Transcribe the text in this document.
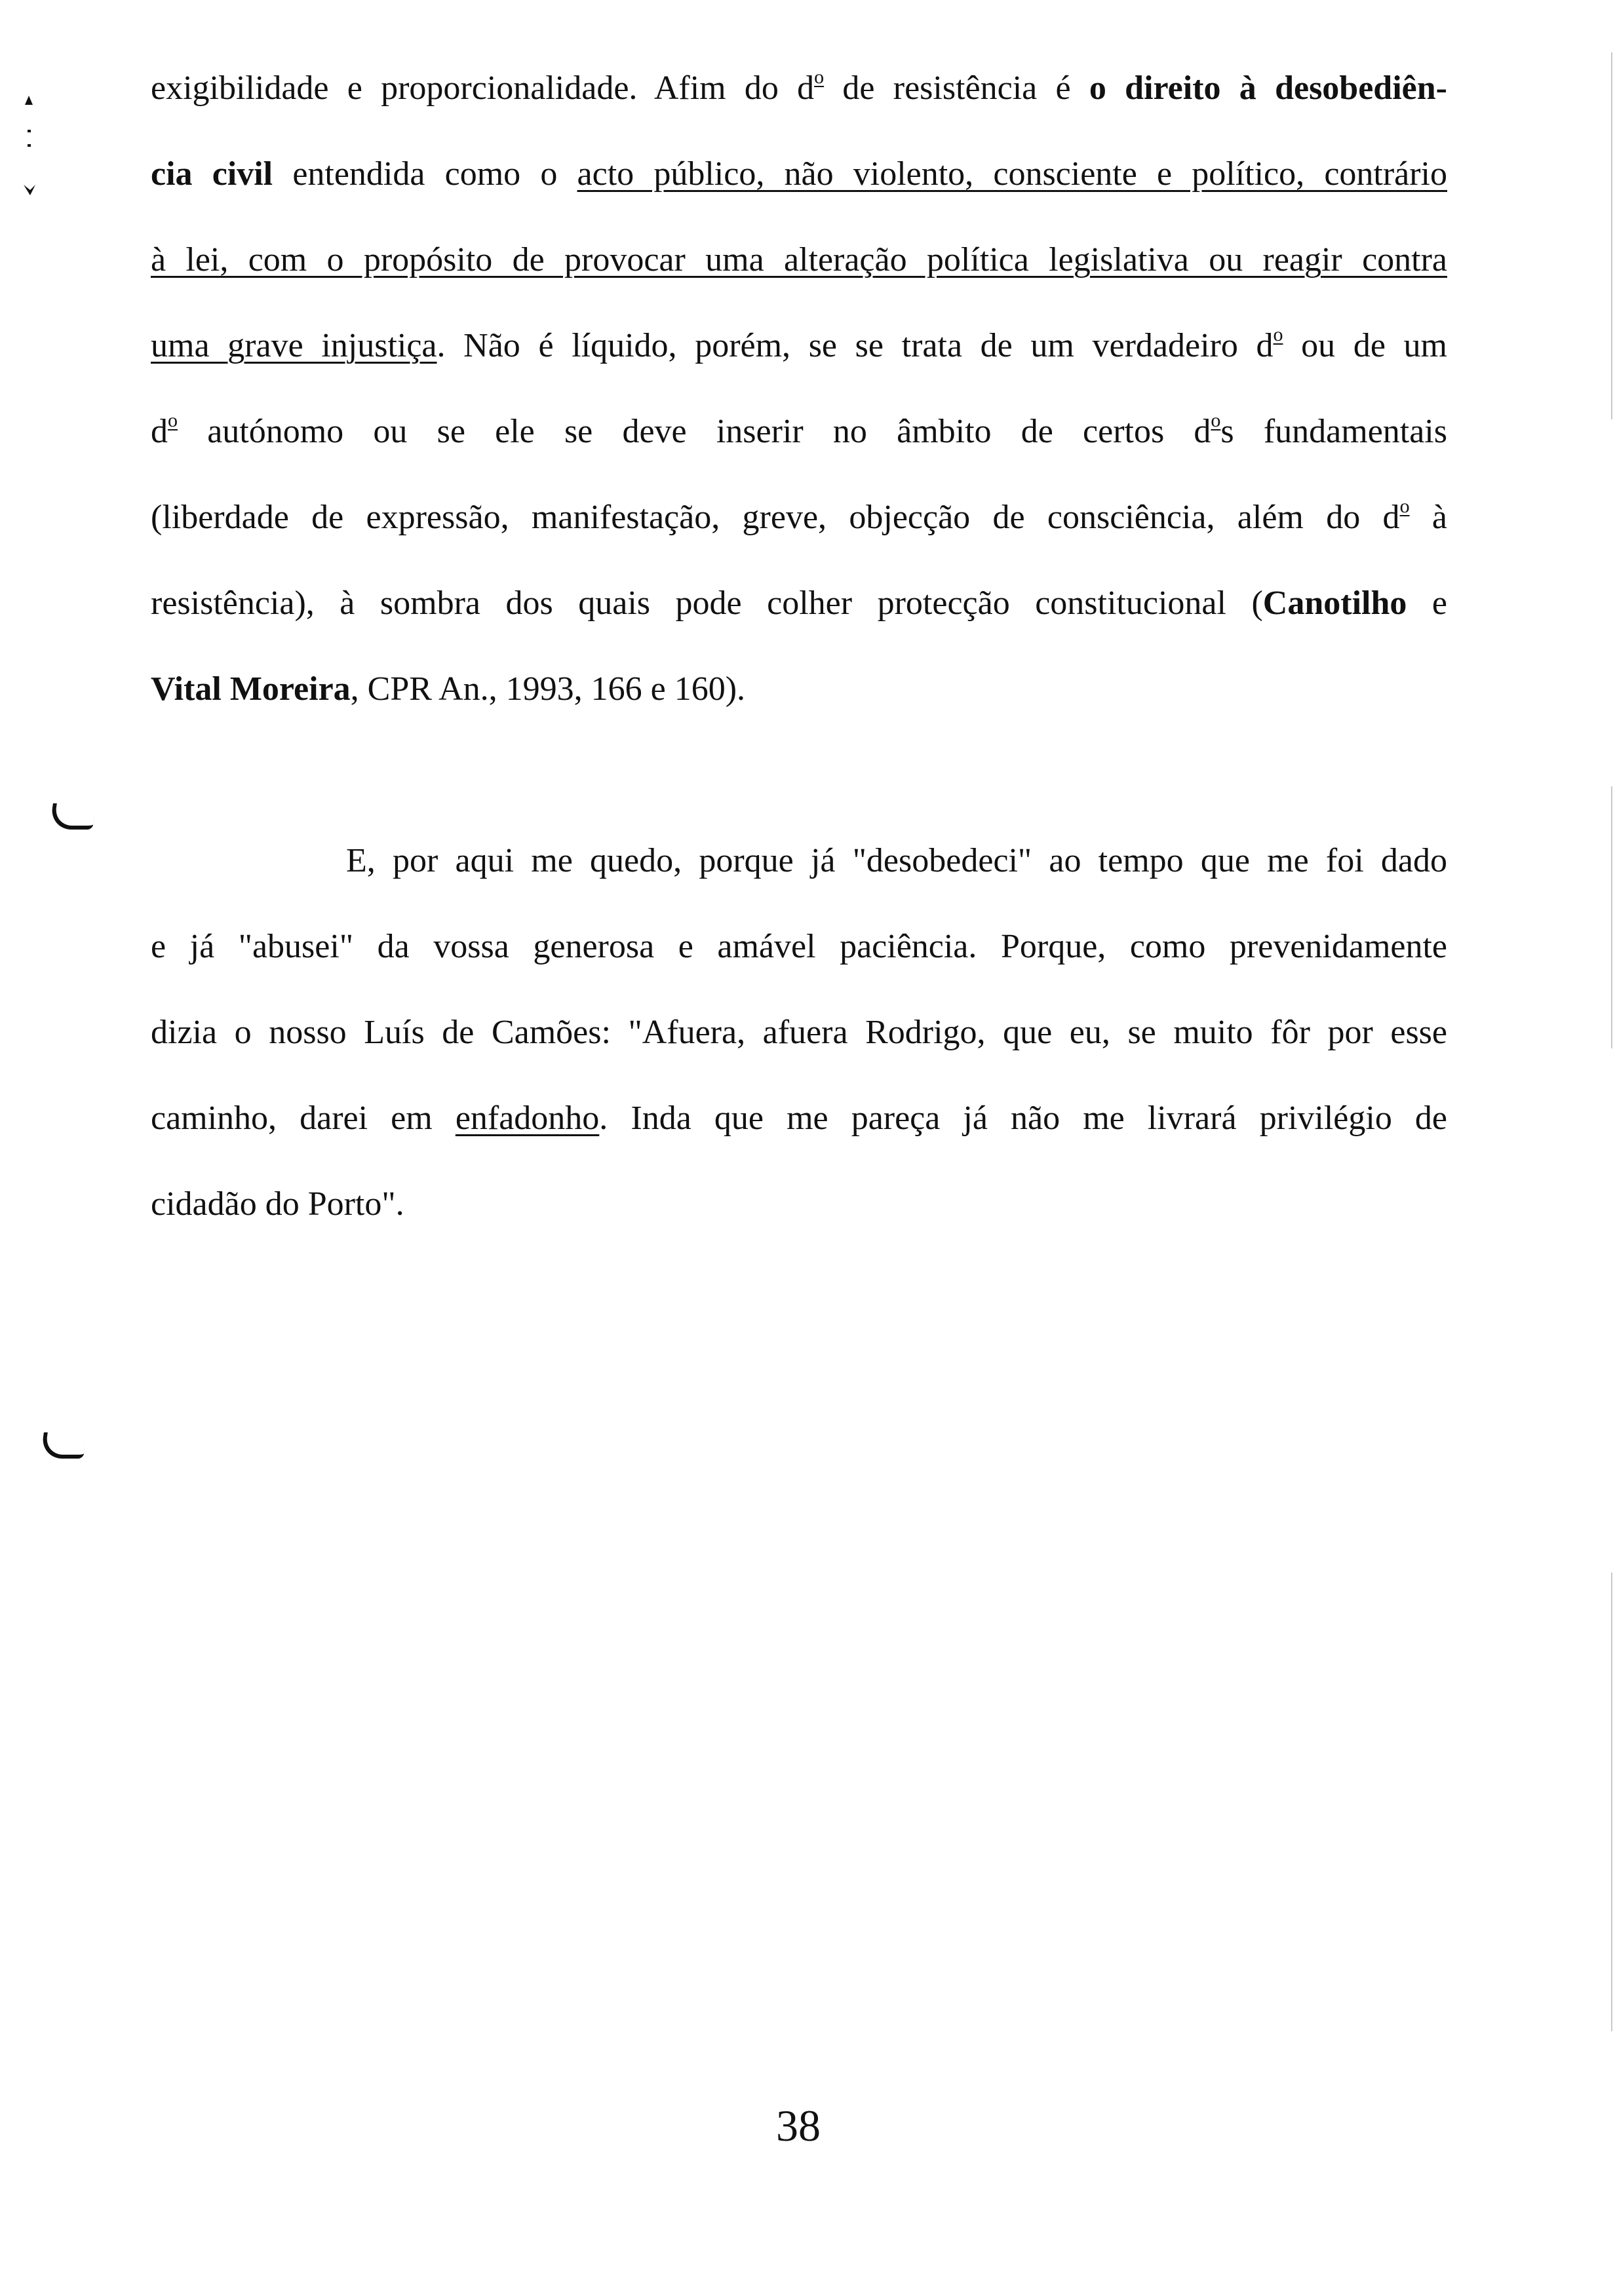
exigibilidade e proporcionalidade. Afim do $d^o$ de resistência é o direito à desobediên-
cia civil entendida como o acto público, não violento, consciente e político, contrário
à lei, com o propósito de provocar uma alteração política legislativa ou reagir contra
uma grave injustiça. Não é líquido, porém, se se trata de um verdadeiro $d^o$ ou de um
$d^o$ autónomo ou se ele se deve inserir no âmbito de certos $d^os$ fundamentais
(liberdade de expressão, manifestação, greve, objecção de consciência, além do $d^o$ à
resistência), à sombra dos quais pode colher protecção constitucional (Canotilho e
Vital Moreira, CPR An., 1993, 166 e 160).
E, por aqui me quedo, porque já "desobedeci" ao tempo que me foi dado
e já "abusei" da vossa generosa e amável paciência. Porque, como prevenidamente
dizia o nosso Luís de Camões: "Afuera, afuera Rodrigo, que eu, se muito fôr por esse
caminho, darei em enfadonho. Inda que me pareça já não me livrará privilégio de
cidadão do Porto".
38
